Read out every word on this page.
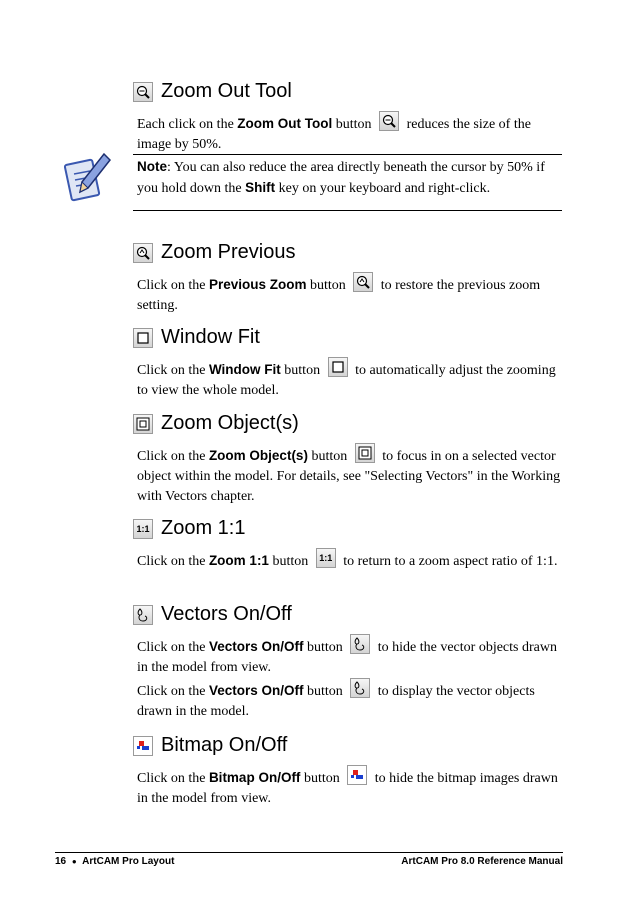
Zoom Out Tool
Each click on the Zoom Out Tool button	reduces the size of the image by 50%.
Note: You can also reduce the area directly beneath the cursor by 50% if you hold down the Shift key on your keyboard and right-click.
Zoom Previous
Click on the Previous Zoom button	to restore the previous zoom setting.
Window Fit
Click on the Window Fit button	to automatically adjust the zooming to view the whole model.
Zoom Object(s)
Click on the Zoom Object(s) button	to focus in on a selected vector object within the model. For details, see "Selecting Vectors" in the Working with Vectors chapter.
1:1 Zoom 1:1
Click on the Zoom 1:1 button 1:1 to return to a zoom aspect ratio of 1:1.
Vectors On/Off
Click on the Vectors On/Off button	to hide the vector objects drawn in the model from view.
Click on the Vectors On/Off button	to display the vector objects drawn in the model.
Bitmap On/Off
Click on the Bitmap On/Off button	to hide the bitmap images drawn in the model from view.
16 ● ArtCAM Pro Layout	ArtCAM Pro 8.0 Reference Manual
